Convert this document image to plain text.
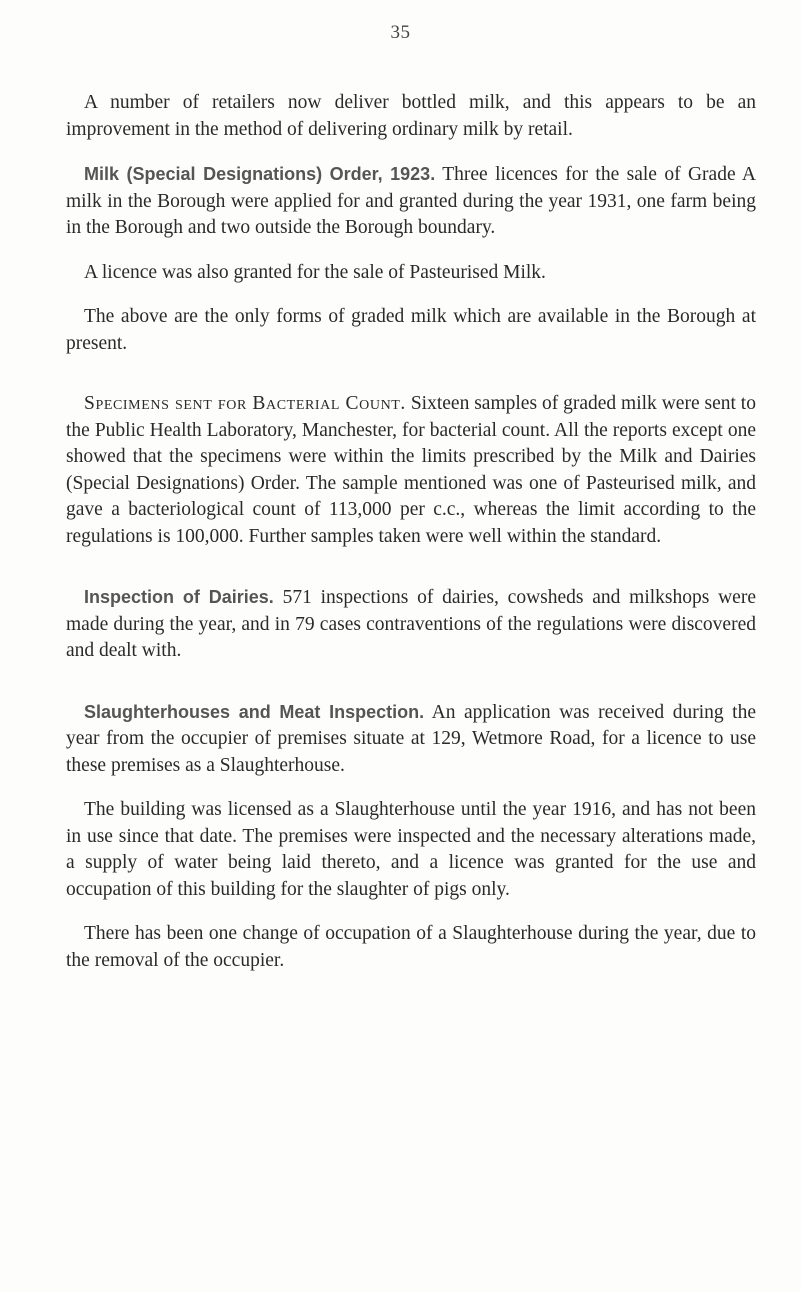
35

A number of retailers now deliver bottled milk, and this appears to be an improvement in the method of delivering ordinary milk by retail.

Milk (Special Designations) Order, 1923. Three licences for the sale of Grade A milk in the Borough were applied for and granted during the year 1931, one farm being in the Borough and two outside the Borough boundary.

A licence was also granted for the sale of Pasteurised Milk.

The above are the only forms of graded milk which are available in the Borough at present.

Specimens sent for Bacterial Count. Sixteen samples of graded milk were sent to the Public Health Laboratory, Manchester, for bacterial count. All the reports except one showed that the specimens were within the limits prescribed by the Milk and Dairies (Special Designations) Order. The sample mentioned was one of Pasteurised milk, and gave a bacteriological count of 113,000 per c.c., whereas the limit according to the regulations is 100,000. Further samples taken were well within the standard.

Inspection of Dairies. 571 inspections of dairies, cowsheds and milkshops were made during the year, and in 79 cases contraventions of the regulations were discovered and dealt with.

Slaughterhouses and Meat Inspection. An application was received during the year from the occupier of premises situate at 129, Wetmore Road, for a licence to use these premises as a Slaughterhouse.

The building was licensed as a Slaughterhouse until the year 1916, and has not been in use since that date. The premises were inspected and the necessary alterations made, a supply of water being laid thereto, and a licence was granted for the use and occupation of this building for the slaughter of pigs only.

There has been one change of occupation of a Slaughterhouse during the year, due to the removal of the occupier.
